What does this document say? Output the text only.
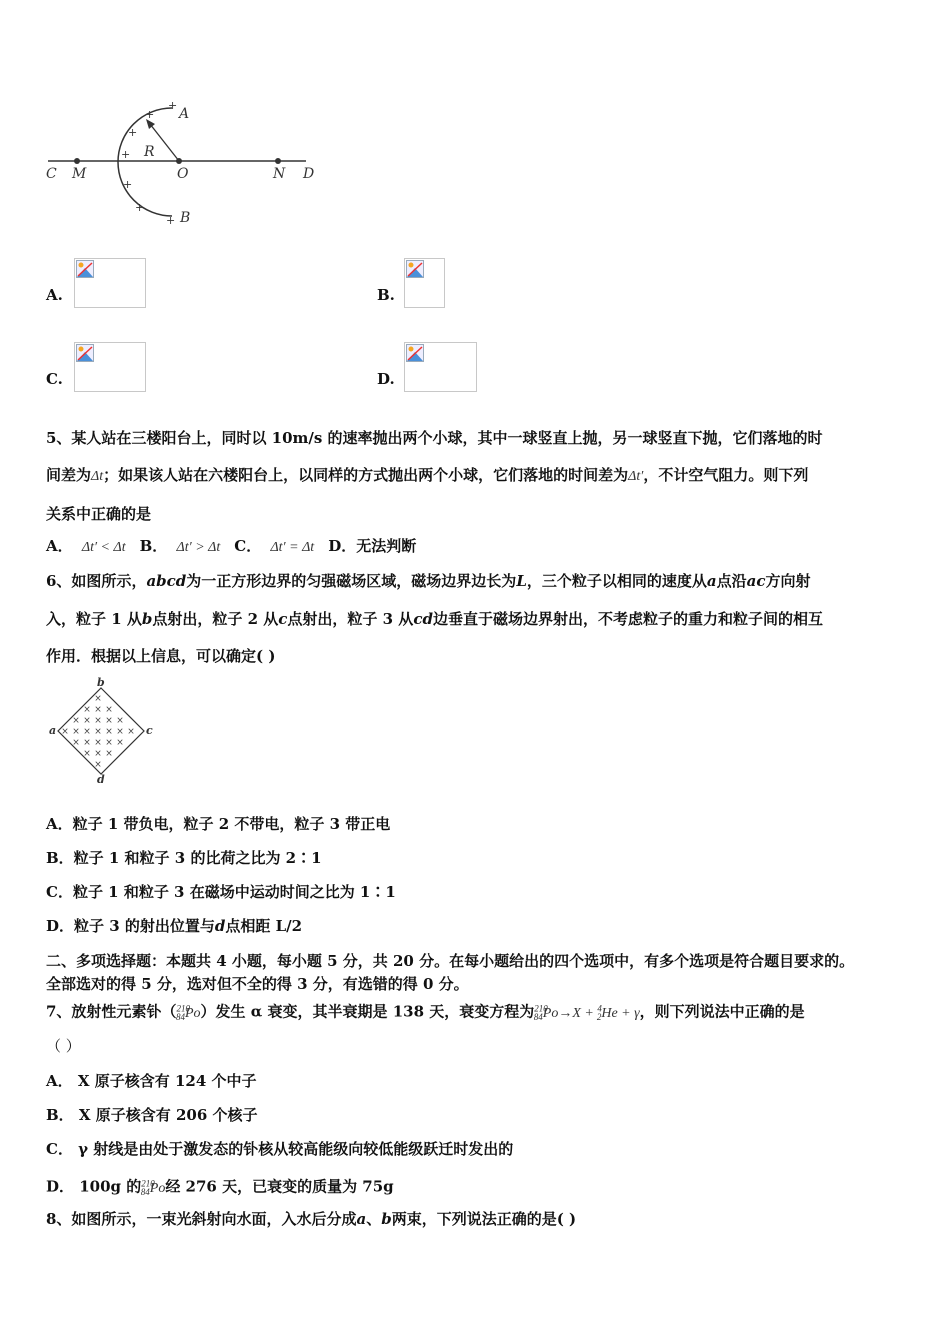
R
A
B
C M	O	N D
+
+
+
+
+
+
+
A.	B.
C.	D.
5、某人站在三楼阳台上，同时以 10m/s 的速率抛出两个小球，其中一球竖直上抛，另一球竖直下抛，它们落地的时
间差为Δt；如果该人站在六楼阳台上，以同样的方式抛出两个小球，它们落地的时间差为Δt′，不计空气阻力。则下列
关系中正确的是
A． Δt′ < Δt B． Δt′ > Δt C． Δt′ = Δt D．无法判断
6、如图所示，abcd为一正方形边界的匀强磁场区域，磁场边界边长为L，三个粒子以相同的速度从a点沿ac方向射
入，粒子 1 从b点射出，粒子 2 从c点射出，粒子 3 从cd边垂直于磁场边界射出，不考虑粒子的重力和粒子间的相互
作用．根据以上信息，可以确定( )
b
a	c
d
×
× × ×
× × × × ×
× × × × × × ×
× × × × ×
× × ×
×
A．粒子 1 带负电，粒子 2 不带电，粒子 3 带正电
B．粒子 1 和粒子 3 的比荷之比为 2∶1
C．粒子 1 和粒子 3 在磁场中运动时间之比为 1∶1
D．粒子 3 的射出位置与d点相距 L/2
二、多项选择题：本题共 4 小题，每小题 5 分，共 20 分。在每小题给出的四个选项中，有多个选项是符合题目要求的。
全部选对的得 5 分，选对但不全的得 3 分，有选错的得 0 分。
7、放射性元素钋（$^{210}_{84}$Po）发生 α 衰变，其半衰期是 138 天，衰变方程为$^{210}_{84}$Po→X + $^4_2$He + γ，则下列说法中正确的是
（ ）
A． X 原子核含有 124 个中子
B． X 原子核含有 206 个核子
C． γ 射线是由处于激发态的钋核从较高能级向较低能级跃迁时发出的
D． 100g 的$^{210}_{84}$Po经 276 天，已衰变的质量为 75g
8、如图所示，一束光斜射向水面，入水后分成a、b两束，下列说法正确的是( )
